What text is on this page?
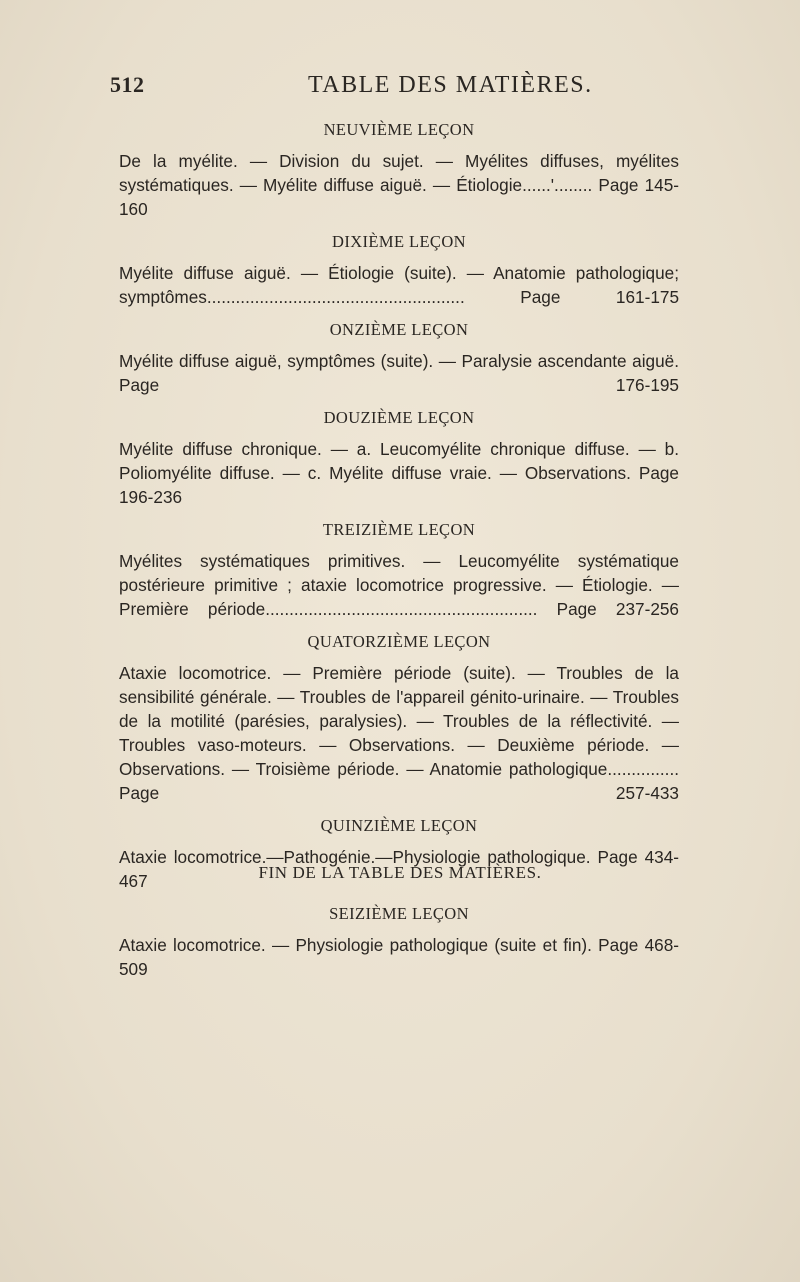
512	TABLE DES MATIÈRES.
NEUVIÈME LEÇON
De la myélite. — Division du sujet. — Myélites diffuses, myélites systématiques. — Myélite diffuse aiguë. — Étiologie......'........ Page 145-160
DIXIÈME LEÇON
Myélite diffuse aiguë. — Étiologie (suite). — Anatomie pathologique; symptômes...................................................... Page 161-175
ONZIÈME LEÇON
Myélite diffuse aiguë, symptômes (suite). — Paralysie ascendante aiguë. Page 176-195
DOUZIÈME LEÇON
Myélite diffuse chronique. — a. Leucomyélite chronique diffuse. — b. Poliomyélite diffuse. — c. Myélite diffuse vraie. — Observations. Page 196-236
TREIZIÈME LEÇON
Myélites systématiques primitives. — Leucomyélite systématique postérieure primitive ; ataxie locomotrice progressive. — Étiologie. — Première période......................................................... Page 237-256
QUATORZIÈME LEÇON
Ataxie locomotrice. — Première période (suite). — Troubles de la sensibilité générale. — Troubles de l'appareil génito-urinaire. — Troubles de la motilité (parésies, paralysies). — Troubles de la réflectivité. — Troubles vaso-moteurs. — Observations. — Deuxième période. — Observations. — Troisième période. — Anatomie pathologique............... Page 257-433
QUINZIÈME LEÇON
Ataxie locomotrice.—Pathogénie.—Physiologie pathologique. Page 434-467
SEIZIÈME LEÇON
Ataxie locomotrice. — Physiologie pathologique (suite et fin). Page 468-509
FIN DE LA TABLE DES MATIÈRES.
